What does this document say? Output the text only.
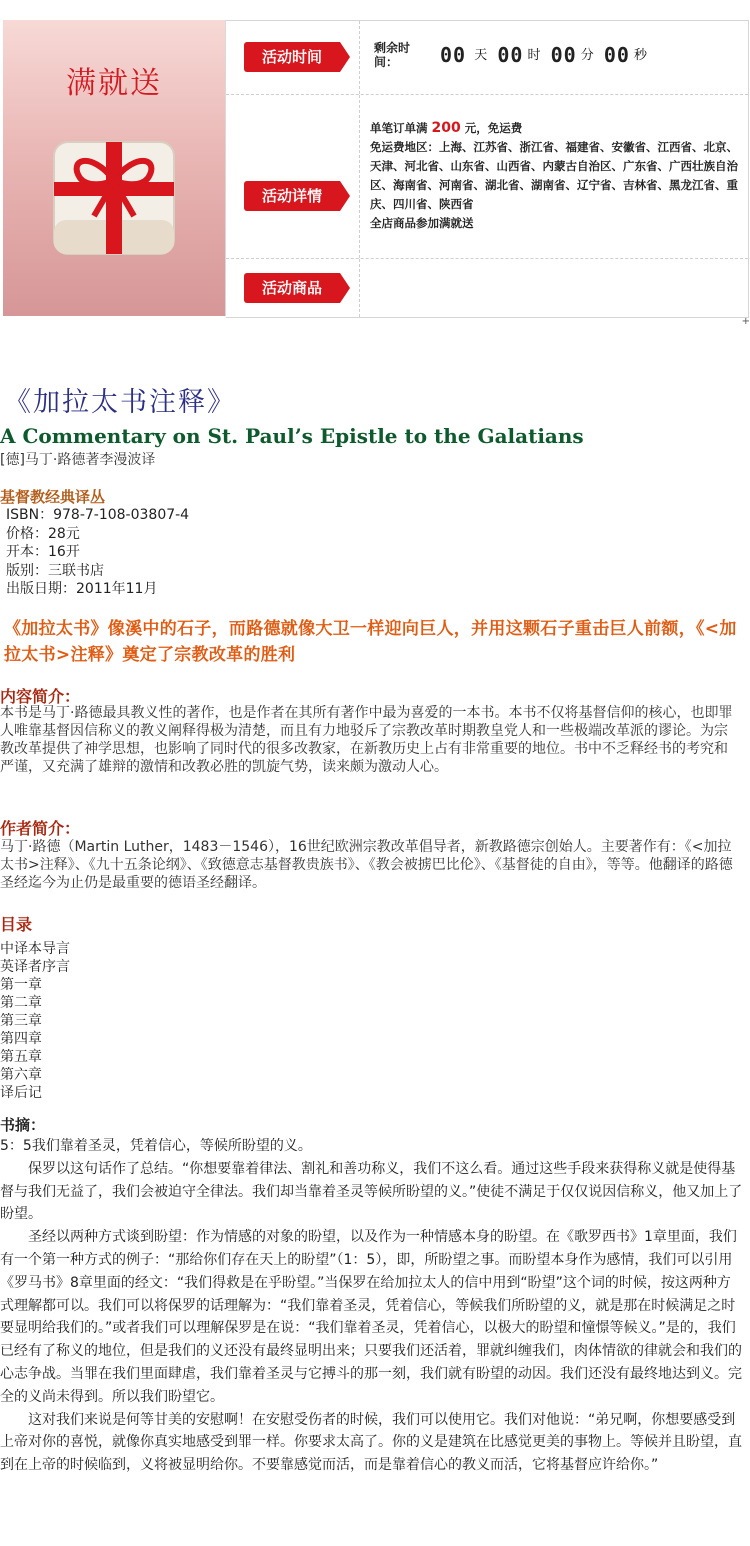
满就送
活动时间	剩余时间：	00 天 00 时 00 分 00 秒
活动详情
单笔订单满 200 元，免运费
免运费地区：上海、江苏省、浙江省、福建省、安徽省、江西省、北京、天津、河北省、山东省、山西省、内蒙古自治区、广东省、广西壮族自治区、海南省、河南省、湖北省、湖南省、辽宁省、吉林省、黑龙江省、重庆、四川省、陕西省
全店商品参加满就送
活动商品
+
《加拉太书注释》
A Commentary on St. Paul’s Epistle to the Galatians
[德]马丁·路德著李漫波译
基督教经典译丛
ISBN：978-7-108-03807-4
价格：28元
开本：16开
版别：三联书店
出版日期：2011年11月
《加拉太书》像溪中的石子，而路德就像大卫一样迎向巨人，并用这颗石子重击巨人前额，《<加拉太书>注释》奠定了宗教改革的胜利
内容简介：
本书是马丁·路德最具教义性的著作，也是作者在其所有著作中最为喜爱的一本书。本书不仅将基督信仰的核心，也即罪人唯靠基督因信称义的教义阐释得极为清楚，而且有力地驳斥了宗教改革时期教皇党人和一些极端改革派的谬论。为宗教改革提供了神学思想，也影响了同时代的很多改教家，在新教历史上占有非常重要的地位。书中不乏释经书的考究和严谨，又充满了雄辩的激情和改教必胜的凯旋气势，读来颇为激动人心。
作者简介：
马丁·路德（Martin Luther，1483－1546），16世纪欧洲宗教改革倡导者，新教路德宗创始人。主要著作有：《<加拉太书>注释》、《九十五条论纲》、《致德意志基督教贵族书》、《教会被掳巴比伦》、《基督徒的自由》，等等。他翻译的路德圣经迄今为止仍是最重要的德语圣经翻译。
目录
中译本导言
英译者序言
第一章
第二章
第三章
第四章
第五章
第六章
译后记
书摘：

5：5我们靠着圣灵，凭着信心，等候所盼望的义。

保罗以这句话作了总结。“你想要靠着律法、割礼和善功称义，我们不这么看。通过这些手段来获得称义就是使得基督与我们无益了，我们会被迫守全律法。我们却当靠着圣灵等候所盼望的义。”使徒不满足于仅仅说因信称义，他又加上了盼望。

圣经以两种方式谈到盼望：作为情感的对象的盼望，以及作为一种情感本身的盼望。在《歌罗西书》1章里面，我们有一个第一种方式的例子：“那给你们存在天上的盼望”（1：5），即，所盼望之事。而盼望本身作为感情，我们可以引用《罗马书》8章里面的经文：“我们得救是在乎盼望。”当保罗在给加拉太人的信中用到“盼望”这个词的时候，按这两种方式理解都可以。我们可以将保罗的话理解为：“我们靠着圣灵，凭着信心，等候我们所盼望的义，就是那在时候满足之时要显明给我们的。”或者我们可以理解保罗是在说：“我们靠着圣灵，凭着信心，以极大的盼望和憧憬等候义。”是的，我们已经有了称义的地位，但是我们的义还没有最终显明出来；只要我们还活着，罪就纠缠我们，肉体情欲的律就会和我们的心志争战。当罪在我们里面肆虐，我们靠着圣灵与它搏斗的那一刻，我们就有盼望的动因。我们还没有最终地达到义。完全的义尚未得到。所以我们盼望它。

这对我们来说是何等甘美的安慰啊！在安慰受伤者的时候，我们可以使用它。我们对他说：“弟兄啊，你想要感受到上帝对你的喜悦，就像你真实地感受到罪一样。你要求太高了。你的义是建筑在比感觉更美的事物上。等候并且盼望，直到在上帝的时候临到，义将被显明给你。不要靠感觉而活，而是靠着信心的教义而活，它将基督应许给你。”
